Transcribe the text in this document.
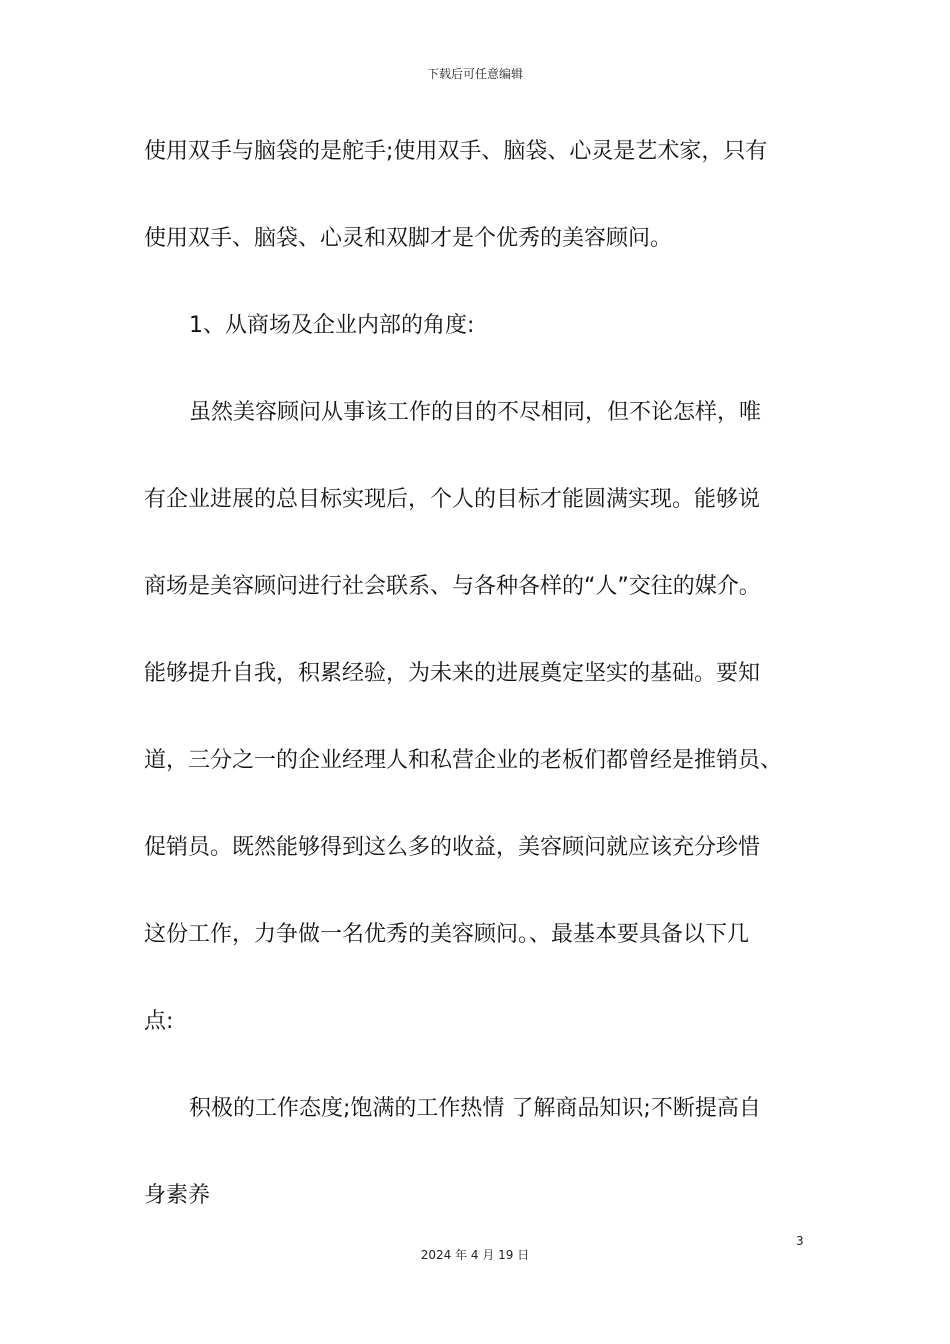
下载后可任意编辑
使用双手与脑袋的是舵手;使用双手、脑袋、心灵是艺术家，只有
使用双手、脑袋、心灵和双脚才是个优秀的美容顾问。
1、从商场及企业内部的角度:
虽然美容顾问从事该工作的目的不尽相同，但不论怎样，唯
有企业进展的总目标实现后，个人的目标才能圆满实现。能够说
商场是美容顾问进行社会联系、与各种各样的“人”交往的媒介。
能够提升自我，积累经验，为未来的进展奠定坚实的基础。要知
道，三分之一的企业经理人和私营企业的老板们都曾经是推销员、
促销员。既然能够得到这么多的收益，美容顾问就应该充分珍惜
这份工作，力争做一名优秀的美容顾问。、最基本要具备以下几
点:
积极的工作态度;饱满的工作热情 了解商品知识;不断提高自
身素养
3
2024 年 4 月 19 日
